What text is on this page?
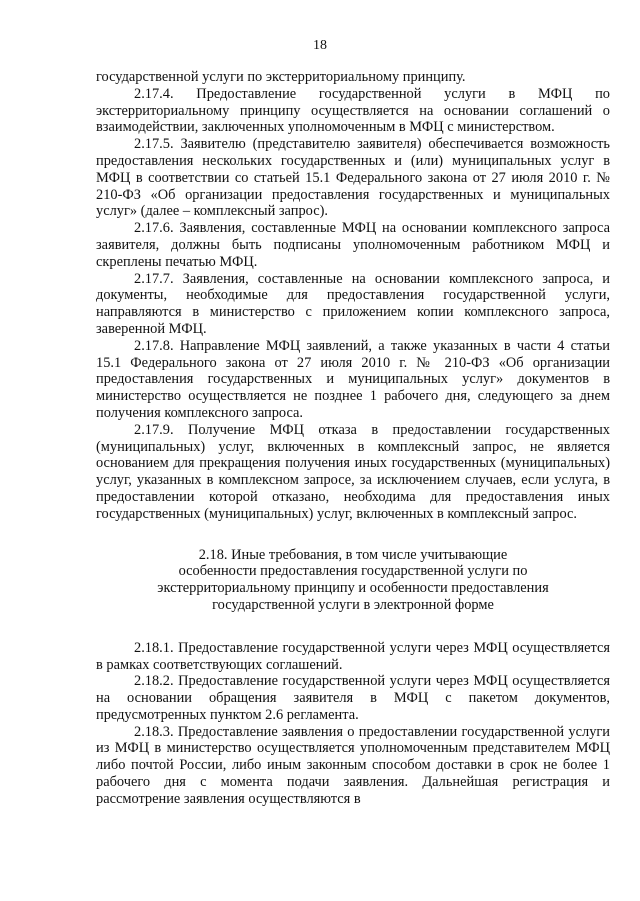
18

государственной услуги по экстерриториальному принципу.

2.17.4. Предоставление государственной услуги в МФЦ по экстерриториальному принципу осуществляется на основании соглашений о взаимодействии, заключенных уполномоченным в МФЦ с министерством.

2.17.5. Заявителю (представителю заявителя) обеспечивается возможность предоставления нескольких государственных и (или) муниципальных услуг в МФЦ в соответствии со статьей 15.1 Федерального закона от 27 июля 2010 г. № 210-ФЗ «Об организации предоставления государственных и муниципальных услуг» (далее – комплексный запрос).

2.17.6. Заявления, составленные МФЦ на основании комплексного запроса заявителя, должны быть подписаны уполномоченным работником МФЦ и скреплены печатью МФЦ.

2.17.7. Заявления, составленные на основании комплексного запроса, и документы, необходимые для предоставления государственной услуги, направляются в министерство с приложением копии комплексного запроса, заверенной МФЦ.

2.17.8. Направление МФЦ заявлений, а также указанных в части 4 статьи 15.1 Федерального закона от 27 июля 2010 г. № 210-ФЗ «Об организации предоставления государственных и муниципальных услуг» документов в министерство осуществляется не позднее 1 рабочего дня, следующего за днем получения комплексного запроса.

2.17.9. Получение МФЦ отказа в предоставлении государственных (муниципальных) услуг, включенных в комплексный запрос, не является основанием для прекращения получения иных государственных (муниципальных) услуг, указанных в комплексном запросе, за исключением случаев, если услуга, в предоставлении которой отказано, необходима для предоставления иных государственных (муниципальных) услуг, включенных в комплексный запрос.

2.18. Иные требования, в том числе учитывающие
особенности предоставления государственной услуги по
экстерриториальному принципу и особенности предоставления
государственной услуги в электронной форме

2.18.1. Предоставление государственной услуги через МФЦ осуществляется в рамках соответствующих соглашений.

2.18.2. Предоставление государственной услуги через МФЦ осуществляется на основании обращения заявителя в МФЦ с пакетом документов, предусмотренных пунктом 2.6 регламента.

2.18.3. Предоставление заявления о предоставлении государственной услуги из МФЦ в министерство осуществляется уполномоченным представителем МФЦ либо почтой России, либо иным законным способом доставки в срок не более 1 рабочего дня с момента подачи заявления. Дальнейшая регистрация и рассмотрение заявления осуществляются в
